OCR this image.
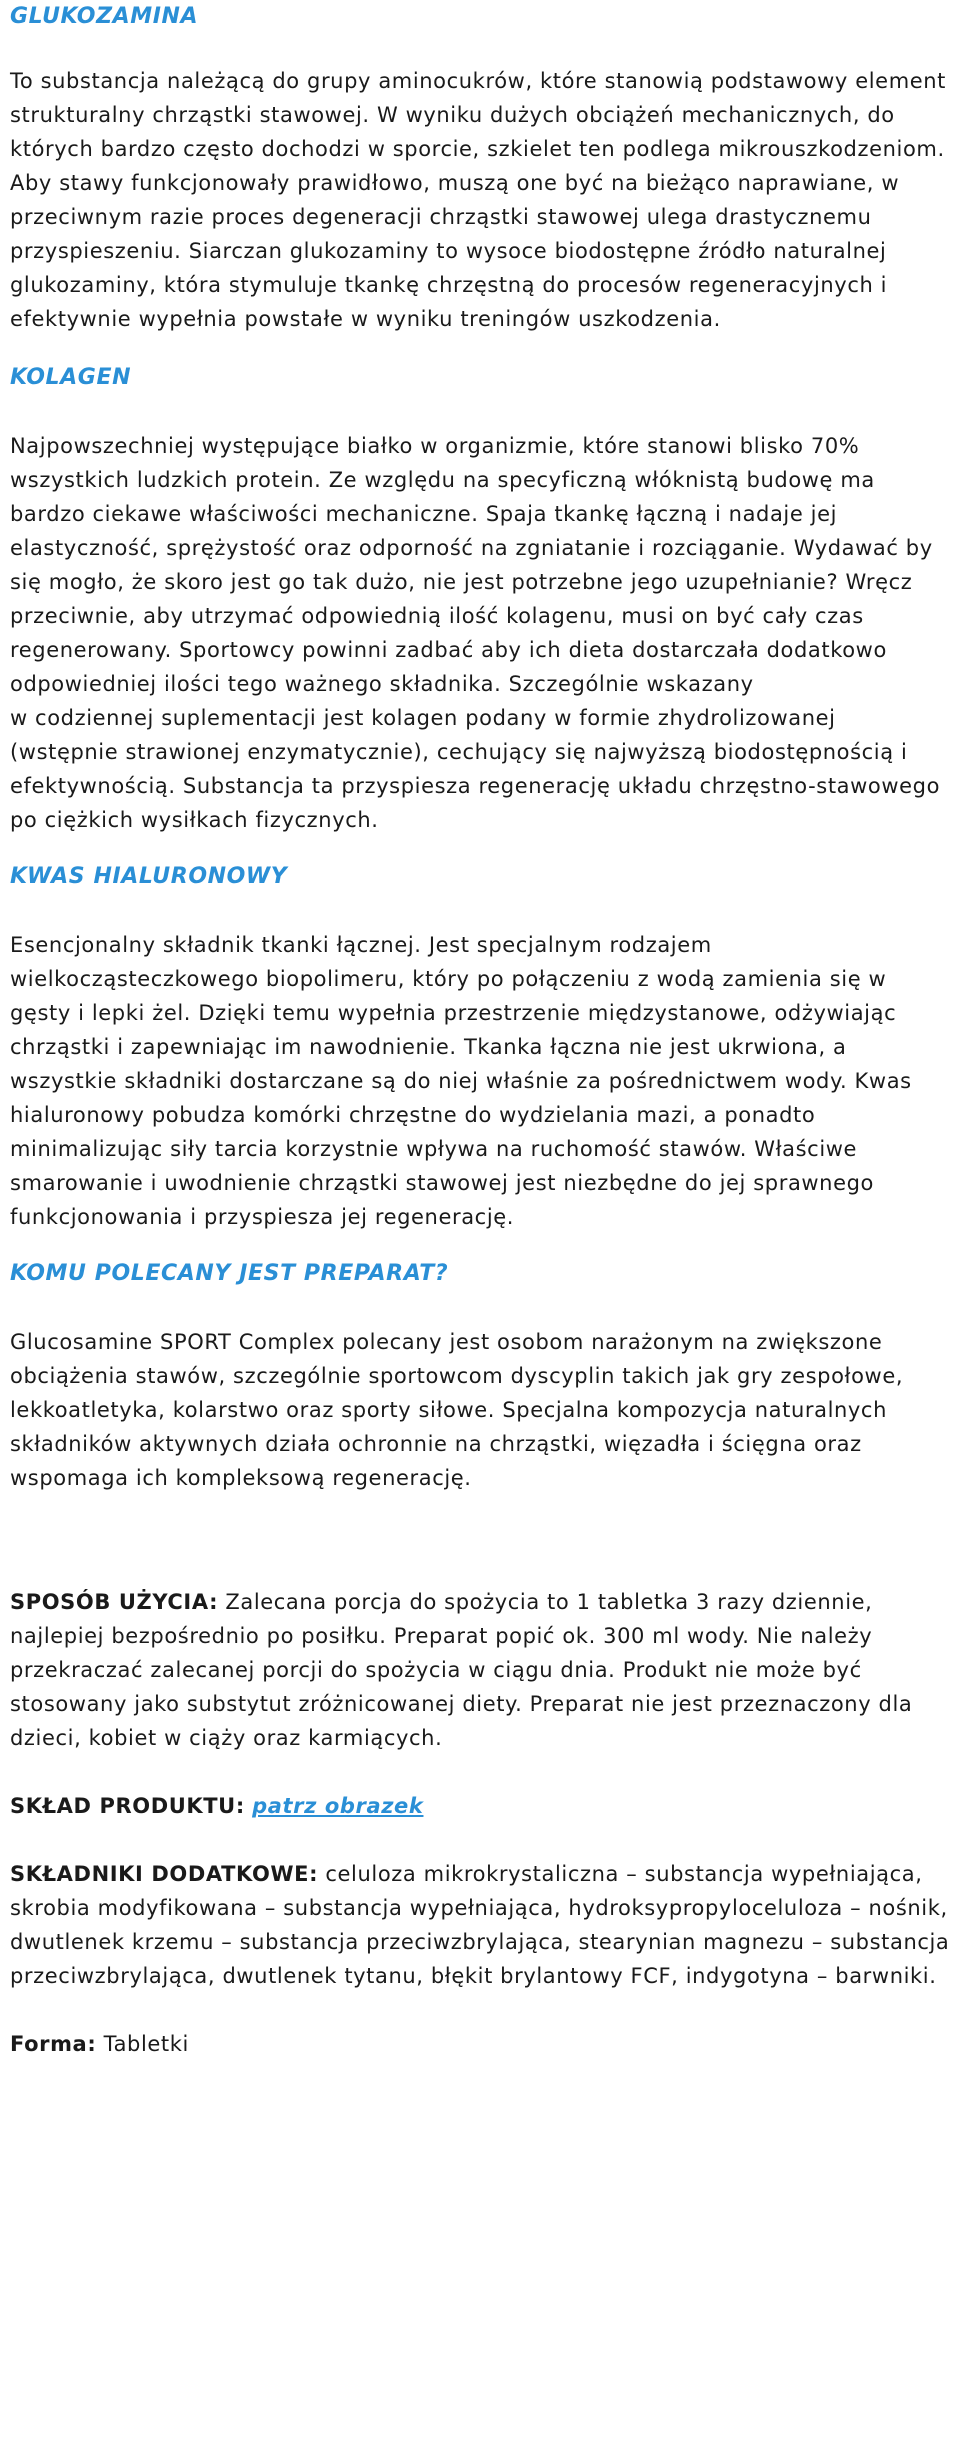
GLUKOZAMINA

To substancja należącą do grupy aminocukrów, które stanowią podstawowy element strukturalny chrząstki stawowej. W wyniku dużych obciążeń mechanicznych, do których bardzo często dochodzi w sporcie, szkielet ten podlega mikrouszkodzeniom. Aby stawy funkcjonowały prawidłowo, muszą one być na bieżąco naprawiane, w przeciwnym razie proces degeneracji chrząstki stawowej ulega drastycznemu przyspieszeniu. Siarczan glukozaminy to wysoce biodostępne źródło naturalnej glukozaminy, która stymuluje tkankę chrzęstną do procesów regeneracyjnych i efektywnie wypełnia powstałe w wyniku treningów uszkodzenia.

KOLAGEN

Najpowszechniej występujące białko w organizmie, które stanowi blisko 70% wszystkich ludzkich protein. Ze względu na specyficzną włóknistą budowę ma bardzo ciekawe właściwości mechaniczne. Spaja tkankę łączną i nadaje jej elastyczność, sprężystość oraz odporność na zgniatanie i rozciąganie. Wydawać by się mogło, że skoro jest go tak dużo, nie jest potrzebne jego uzupełnianie? Wręcz przeciwnie, aby utrzymać odpowiednią ilość kolagenu, musi on być cały czas regenerowany. Sportowcy powinni zadbać aby ich dieta dostarczała dodatkowo odpowiedniej ilości tego ważnego składnika. Szczególnie wskazany
w codziennej suplementacji jest kolagen podany w formie zhydrolizowanej (wstępnie strawionej enzymatycznie), cechujący się najwyższą biodostępnością i efektywnością. Substancja ta przyspiesza regenerację układu chrzęstno-stawowego po ciężkich wysiłkach fizycznych.

KWAS HIALURONOWY

Esencjonalny składnik tkanki łącznej. Jest specjalnym rodzajem wielkocząsteczkowego biopolimeru, który po połączeniu z wodą zamienia się w gęsty i lepki żel. Dzięki temu wypełnia przestrzenie międzystanowe, odżywiając chrząstki i zapewniając im nawodnienie. Tkanka łączna nie jest ukrwiona, a wszystkie składniki dostarczane są do niej właśnie za pośrednictwem wody. Kwas hialuronowy pobudza komórki chrzęstne do wydzielania mazi, a ponadto minimalizując siły tarcia korzystnie wpływa na ruchomość stawów. Właściwe smarowanie i uwodnienie chrząstki stawowej jest niezbędne do jej sprawnego funkcjonowania i przyspiesza jej regenerację.

KOMU POLECANY JEST PREPARAT?

Glucosamine SPORT Complex polecany jest osobom narażonym na zwiększone obciążenia stawów, szczególnie sportowcom dyscyplin takich jak gry zespołowe, lekkoatletyka, kolarstwo oraz sporty siłowe. Specjalna kompozycja naturalnych składników aktywnych działa ochronnie na chrząstki, więzadła i ścięgna oraz wspomaga ich kompleksową regenerację.

SPOSÓB UŻYCIA: Zalecana porcja do spożycia to 1 tabletka 3 razy dziennie, najlepiej bezpośrednio po posiłku. Preparat popić ok. 300 ml wody. Nie należy przekraczać zalecanej porcji do spożycia w ciągu dnia. Produkt nie może być stosowany jako substytut zróżnicowanej diety. Preparat nie jest przeznaczony dla dzieci, kobiet w ciąży oraz karmiących.

SKŁAD PRODUKTU: patrz obrazek

SKŁADNIKI DODATKOWE: celuloza mikrokrystaliczna – substancja wypełniająca, skrobia modyfikowana – substancja wypełniająca, hydroksypropyloceluloza – nośnik, dwutlenek krzemu – substancja przeciwzbrylająca, stearynian magnezu – substancja przeciwzbrylająca, dwutlenek tytanu, błękit brylantowy FCF, indygotyna – barwniki.

Forma: Tabletki
